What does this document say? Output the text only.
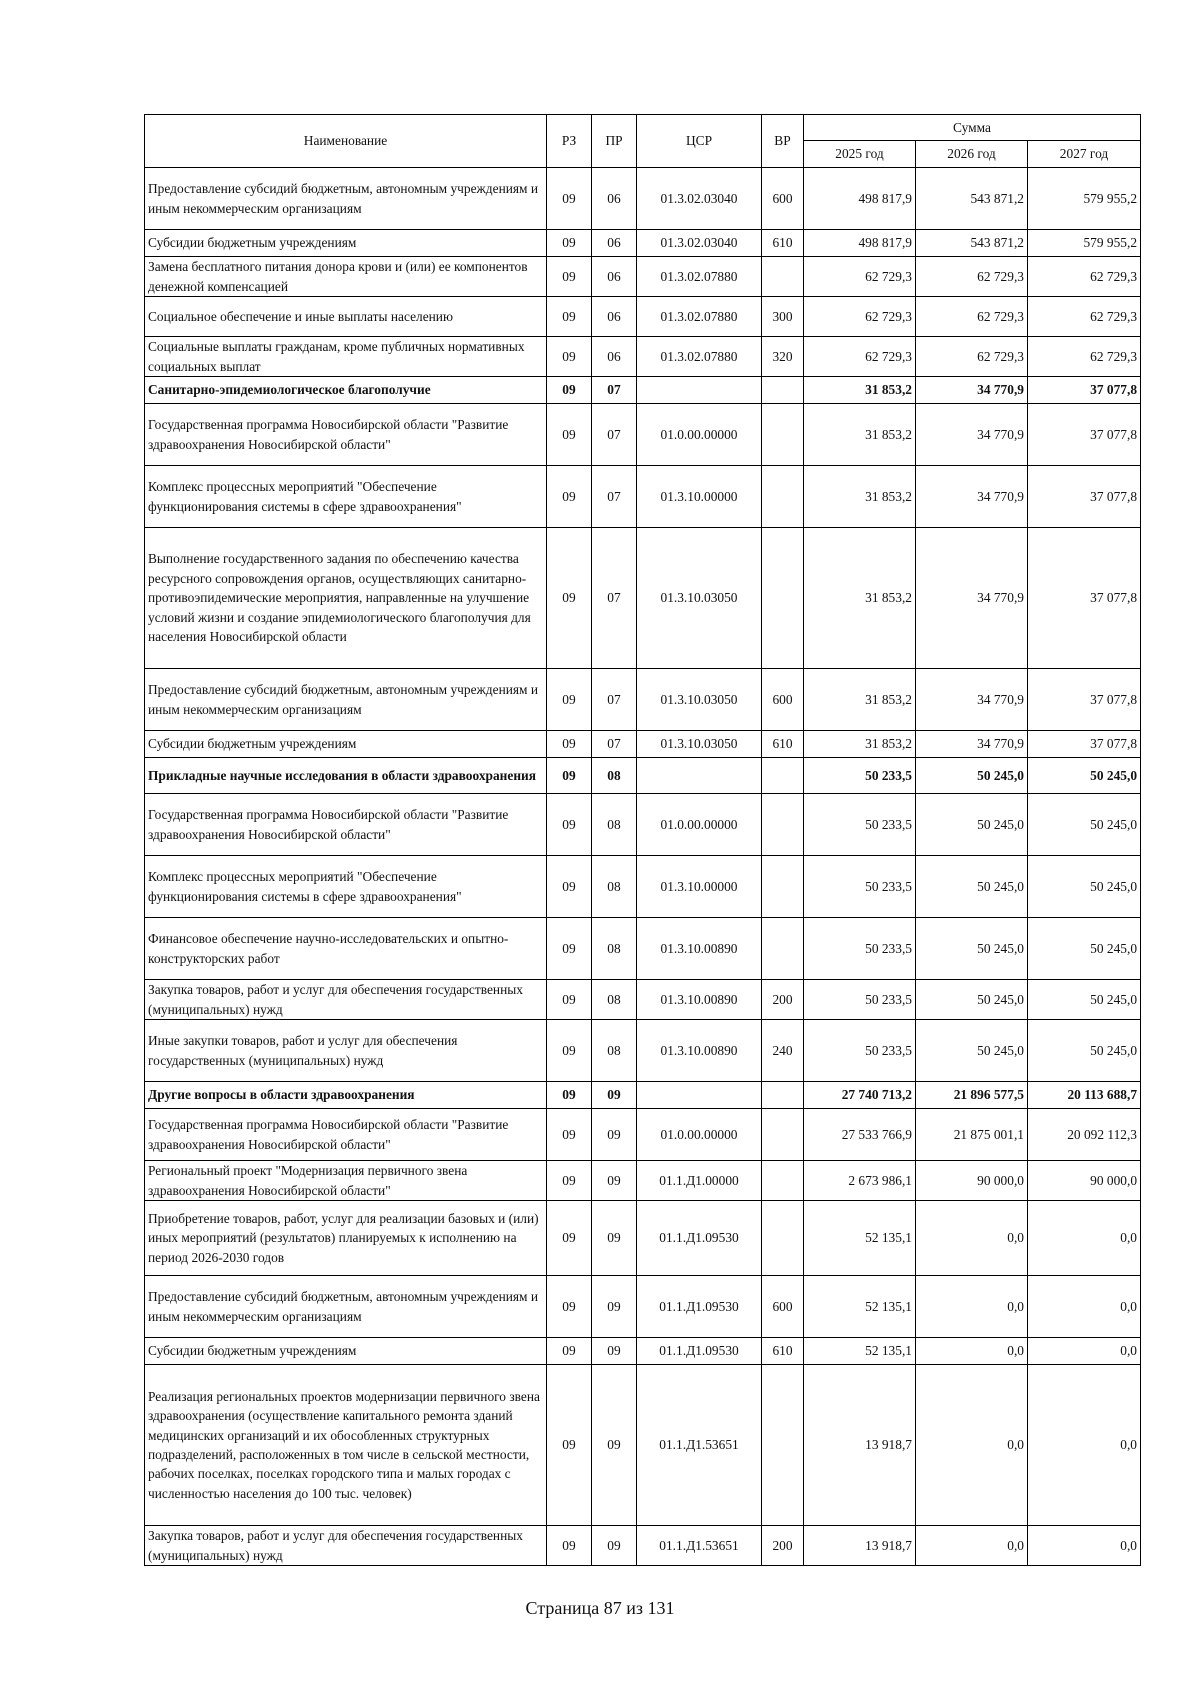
Наименование	РЗ	ПР	ЦСР	ВР	Сумма		
					2025 год	2026 год	2027 год
Предоставление субсидий бюджетным, автономным учреждениям и иным некоммерческим организациям	09	06	01.3.02.03040	600	498 817,9	543 871,2	579 955,2
Субсидии бюджетным учреждениям	09	06	01.3.02.03040	610	498 817,9	543 871,2	579 955,2
Замена бесплатного питания донора крови и (или) ее компонентов денежной компенсацией	09	06	01.3.02.07880		62 729,3	62 729,3	62 729,3
Социальное обеспечение и иные выплаты населению	09	06	01.3.02.07880	300	62 729,3	62 729,3	62 729,3
Социальные выплаты гражданам, кроме публичных нормативных социальных выплат	09	06	01.3.02.07880	320	62 729,3	62 729,3	62 729,3
Санитарно-эпидемиологическое благополучие	09	07			31 853,2	34 770,9	37 077,8
Государственная программа Новосибирской области "Развитие здравоохранения Новосибирской области"	09	07	01.0.00.00000		31 853,2	34 770,9	37 077,8
Комплекс процессных мероприятий "Обеспечение функционирования системы в сфере здравоохранения"	09	07	01.3.10.00000		31 853,2	34 770,9	37 077,8
Выполнение государственного задания по обеспечению качества ресурсного сопровождения органов, осуществляющих санитарно-противоэпидемические мероприятия, направленные на улучшение условий жизни и создание эпидемиологического благополучия для населения Новосибирской области	09	07	01.3.10.03050		31 853,2	34 770,9	37 077,8
Предоставление субсидий бюджетным, автономным учреждениям и иным некоммерческим организациям	09	07	01.3.10.03050	600	31 853,2	34 770,9	37 077,8
Субсидии бюджетным учреждениям	09	07	01.3.10.03050	610	31 853,2	34 770,9	37 077,8
Прикладные научные исследования в области здравоохранения	09	08			50 233,5	50 245,0	50 245,0
Государственная программа Новосибирской области "Развитие здравоохранения Новосибирской области"	09	08	01.0.00.00000		50 233,5	50 245,0	50 245,0
Комплекс процессных мероприятий "Обеспечение функционирования системы в сфере здравоохранения"	09	08	01.3.10.00000		50 233,5	50 245,0	50 245,0
Финансовое обеспечение научно-исследовательских и опытно-конструкторских работ	09	08	01.3.10.00890		50 233,5	50 245,0	50 245,0
Закупка товаров, работ и услуг для обеспечения государственных (муниципальных) нужд	09	08	01.3.10.00890	200	50 233,5	50 245,0	50 245,0
Иные закупки товаров, работ и услуг для обеспечения государственных (муниципальных) нужд	09	08	01.3.10.00890	240	50 233,5	50 245,0	50 245,0
Другие вопросы в области здравоохранения	09	09			27 740 713,2	21 896 577,5	20 113 688,7
Государственная программа Новосибирской области "Развитие здравоохранения Новосибирской области"	09	09	01.0.00.00000		27 533 766,9	21 875 001,1	20 092 112,3
Региональный проект "Модернизация первичного звена здравоохранения Новосибирской области"	09	09	01.1.Д1.00000		2 673 986,1	90 000,0	90 000,0
Приобретение товаров, работ, услуг для реализации базовых и (или) иных мероприятий (результатов) планируемых к исполнению на период 2026-2030 годов	09	09	01.1.Д1.09530		52 135,1	0,0	0,0
Предоставление субсидий бюджетным, автономным учреждениям и иным некоммерческим организациям	09	09	01.1.Д1.09530	600	52 135,1	0,0	0,0
Субсидии бюджетным учреждениям	09	09	01.1.Д1.09530	610	52 135,1	0,0	0,0
Реализация региональных проектов модернизации первичного звена здравоохранения (осуществление капитального ремонта зданий медицинских организаций и их обособленных структурных подразделений, расположенных в том числе в сельской местности, рабочих поселках, поселках городского типа и малых городах с численностью населения до 100 тыс. человек)	09	09	01.1.Д1.53651		13 918,7	0,0	0,0
Закупка товаров, работ и услуг для обеспечения государственных (муниципальных) нужд	09	09	01.1.Д1.53651	200	13 918,7	0,0	0,0
Страница 87 из 131
